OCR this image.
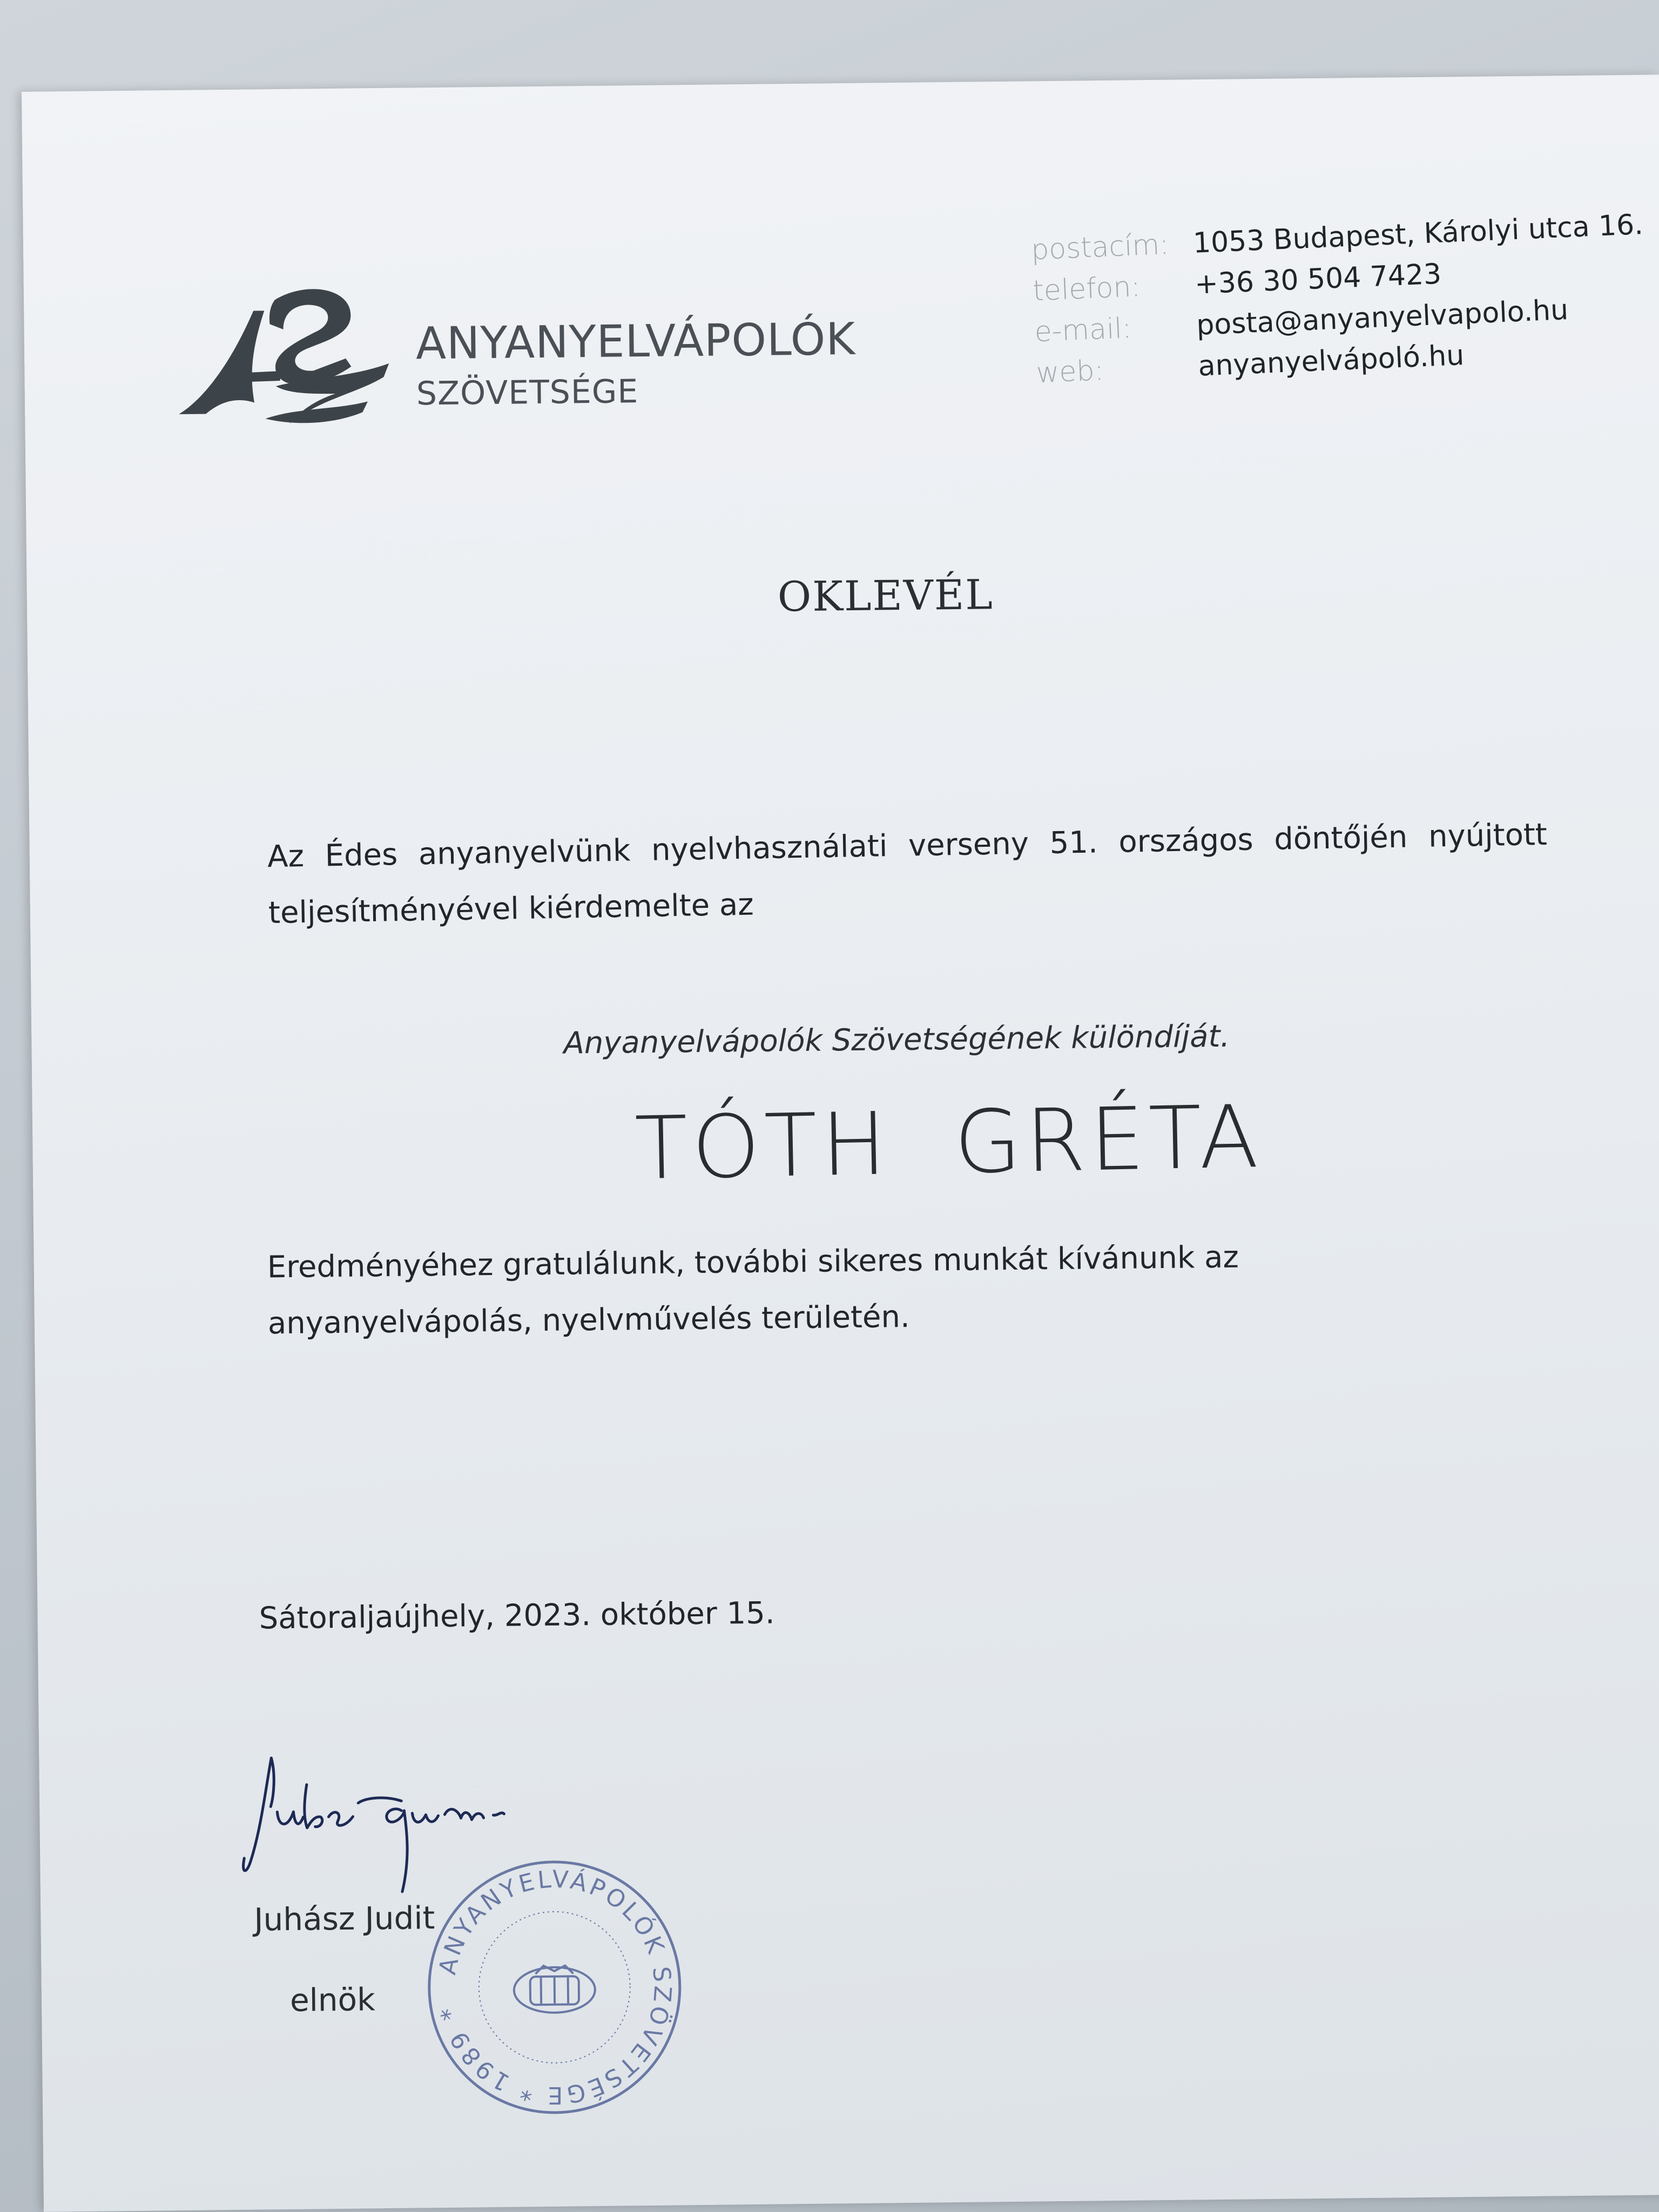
ANYANYELVÁPOLÓK
SZÖVETSÉGE
postacím: 1053 Budapest, Károlyi utca 16.
telefon:	+36 30 504 7423
e-mail:	posta@anyanyelvapolo.hu
web:	anyanyelvápoló.hu
OKLEVÉL
Az Édes anyanyelvünk nyelvhasználati verseny 51. országos döntőjén nyújtott
teljesítményével kiérdemelte az
Anyanyelvápolók Szövetségének különdíját.
TÓTH  GRÉTA
Eredményéhez gratulálunk, további sikeres munkát kívánunk az
anyanyelvápolás, nyelvművelés területén.
Sátoraljaújhely, 2023. október 15.
Juhász Judit
elnök
ANYANYELVÁPOLÓK SZÖVETSÉGE * 1989 *
